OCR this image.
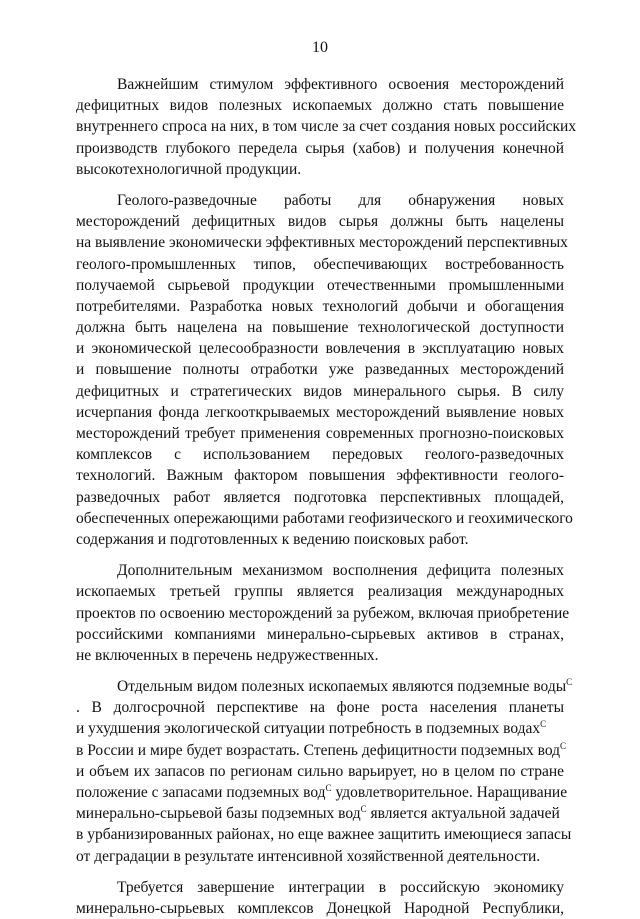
10
Важнейшим стимулом эффективного освоения месторождений
дефицитных видов полезных ископаемых должно стать повышение
внутреннего спроса на них, в том числе за счет создания новых российских
производств глубокого передела сырья (хабов) и получения конечной
высокотехнологичной продукции.
Геолого-разведочные работы для обнаружения новых
месторождений дефицитных видов сырья должны быть нацелены
на выявление экономически эффективных месторождений перспективных
геолого-промышленных типов, обеспечивающих востребованность
получаемой сырьевой продукции отечественными промышленными
потребителями. Разработка новых технологий добычи и обогащения
должна быть нацелена на повышение технологической доступности
и экономической целесообразности вовлечения в эксплуатацию новых
и повышение полноты отработки уже разведанных месторождений
дефицитных и стратегических видов минерального сырья. В силу
исчерпания фонда легкооткрываемых месторождений выявление новых
месторождений требует применения современных прогнозно-поисковых
комплексов с использованием передовых геолого-разведочных
технологий. Важным фактором повышения эффективности геолого-
разведочных работ является подготовка перспективных площадей,
обеспеченных опережающими работами геофизического и геохимического
содержания и подготовленных к ведению поисковых работ.
Дополнительным механизмом восполнения дефицита полезных
ископаемых третьей группы является реализация международных
проектов по освоению месторождений за рубежом, включая приобретение
российскими компаниями минерально-сырьевых активов в странах,
не включенных в перечень недружественных.
Отдельным видом полезных ископаемых являются подземные воды$^С$
. В долгосрочной перспективе на фоне роста населения планеты
и ухудшения экологической ситуации потребность в подземных водах$^С$
в России и мире будет возрастать. Степень дефицитности подземных вод$^С$
и объем их запасов по регионам сильно варьирует, но в целом по стране
положение с запасами подземных вод$^С$ удовлетворительное. Наращивание
минерально-сырьевой базы подземных вод$^С$ является актуальной задачей
в урбанизированных районах, но еще важнее защитить имеющиеся запасы
от деградации в результате интенсивной хозяйственной деятельности.
Требуется завершение интеграции в российскую экономику
минерально-сырьевых комплексов Донецкой Народной Республики,
